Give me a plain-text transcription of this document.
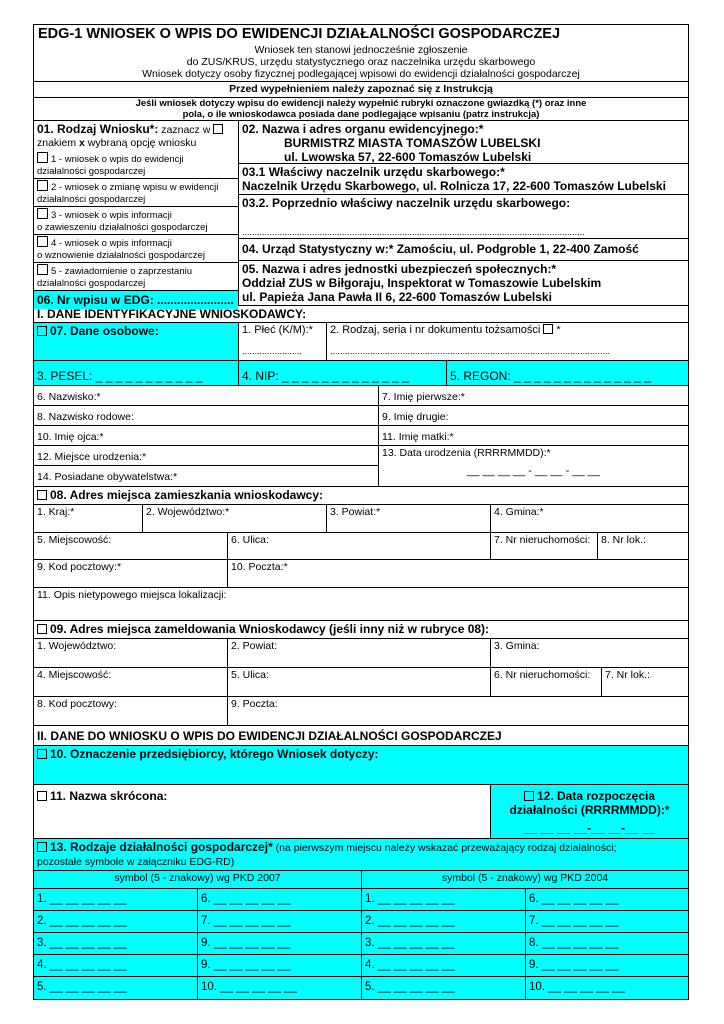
EDG-1 WNIOSEK O WPIS DO EWIDENCJI DZIAŁALNOŚCI GOSPODARCZEJ
Wniosek ten stanowi jednocześnie zgłoszenie
do ZUS/KRUS, urzędu statystycznego oraz naczelnika urzędu skarbowego
Wniosek dotyczy osoby fizycznej podlegającej wpisowi do ewidencji działalności gospodarczej
Przed wypełnieniem należy zapoznać się z Instrukcją
Jeśli wniosek dotyczy wpisu do ewidencji należy wypełnić rubryki oznaczone gwiazdką (*) oraz inne
pola, o ile wnioskodawca posiada dane podlegające wpisaniu (patrz instrukcja)
01. Rodzaj Wniosku*: zaznacz w
znakiem x wybraną opcję wniosku
1 - wniosek o wpis do ewidencji
działalności gospodarczej
2 - wniosek o zmianę wpisu w ewidencji
działalności gospodarczej
3 - wniosek o wpis informacji
o zawieszeniu działalności gospodarczej
4 - wniosek o wpis informacji
o wznowienie działalności gospodarczej
5 - zawiadomienie o zaprzestaniu
działalności gospodarczej
06. Nr wpisu w EDG: .......................
02. Nazwa i adres organu ewidencyjnego:*
BURMISTRZ MIASTA TOMASZÓW LUBELSKI
ul. Lwowska 57, 22-600 Tomaszów Lubelski
03.1 Właściwy naczelnik urzędu skarbowego:*
Naczelnik Urzędu Skarbowego, ul. Rolnicza 17, 22-600 Tomaszów Lubelski
03.2. Poprzednio właściwy naczelnik urzędu skarbowego:
.........................................................................................................................................
04. Urząd Statystyczny w:* Zamościu, ul. Podgroble 1, 22-400 Zamość
05. Nazwa i adres jednostki ubezpieczeń społecznych:*
Oddział ZUS w Biłgoraju, Inspektorat w Tomaszowie Lubelskim
ul. Papieża Jana Pawła II 6, 22-600 Tomaszów Lubelski
I. DANE IDENTYFIKACYJNE WNIOSKODAWCY:
07. Dane osobowe:	1. Płeć (K/M):*
........................
2. Rodzaj, seria i nr dokumentu tożsamości *
................................................................................................................
3. PESEL: _ _ _ _ _ _ _ _ _ _ _	4. NIP: _ _ _ _ _ _ _ _ _ _ _ _ _	5. REGON: _ _ _ _ _ _ _ _ _ _ _ _ _ _
6. Nazwisko:*	7. Imię pierwsze:*
8. Nazwisko rodowe:	9. Imię drugie:
10. Imię ojca:*	11. Imię matki:*
12. Miejsce urodzenia:*
14. Posiadane obywatelstwa:*
13. Data urodzenia (RRRRMMDD):*
__ __ __ __ - __ __ - __ __
08. Adres miejsca zamieszkania wnioskodawcy:
1. Kraj:*	2. Województwo:*	3. Powiat:*	4. Gmina:*
5. Miejscowość:	6. Ulica:	7. Nr nieruchomości:	8. Nr lok.:
9. Kod pocztowy:*	10. Poczta:*
11. Opis nietypowego miejsca lokalizacji:
09. Adres miejsca zameldowania Wnioskodawcy (jeśli inny niż w rubryce 08):
1. Województwo:	2. Powiat:	3. Gmina:
4. Miejscowość:	5. Ulica:	6. Nr nieruchomości:	7. Nr lok.:
8. Kod pocztowy:	9. Poczta:
II. DANE DO WNIOSKU O WPIS DO EWIDENCJI DZIAŁALNOŚCI GOSPODARCZEJ
10. Oznaczenie przedsiębiorcy, którego Wniosek dotyczy:
11. Nazwa skrócona:	12. Data rozpoczęcia
działalności (RRRRMMDD):*
__ __ __ __-__ __-__ __
13. Rodzaje działalności gospodarczej* (na pierwszym miejscu należy wskazać przeważający rodzaj działalności;
pozostałe symbole w załączniku EDG-RD)
symbol (5 - znakowy) wg PKD 2007	symbol (5 - znakowy) wg PKD 2004
1. __ __ __ __ __	6. __ __ __ __ __	1. __ __ __ __ __	6. __ __ __ __ __
2. __ __ __ __ __	7. __ __ __ __ __	2. __ __ __ __ __	7. __ __ __ __ __
3. __ __ __ __ __	9. __ __ __ __ __	3. __ __ __ __ __	8. __ __ __ __ __
4. __ __ __ __ __	9. __ __ __ __ __	4. __ __ __ __ __	9. __ __ __ __ __
5. __ __ __ __ __	10. __ __ __ __ __	5. __ __ __ __ __	10. __ __ __ __ __
